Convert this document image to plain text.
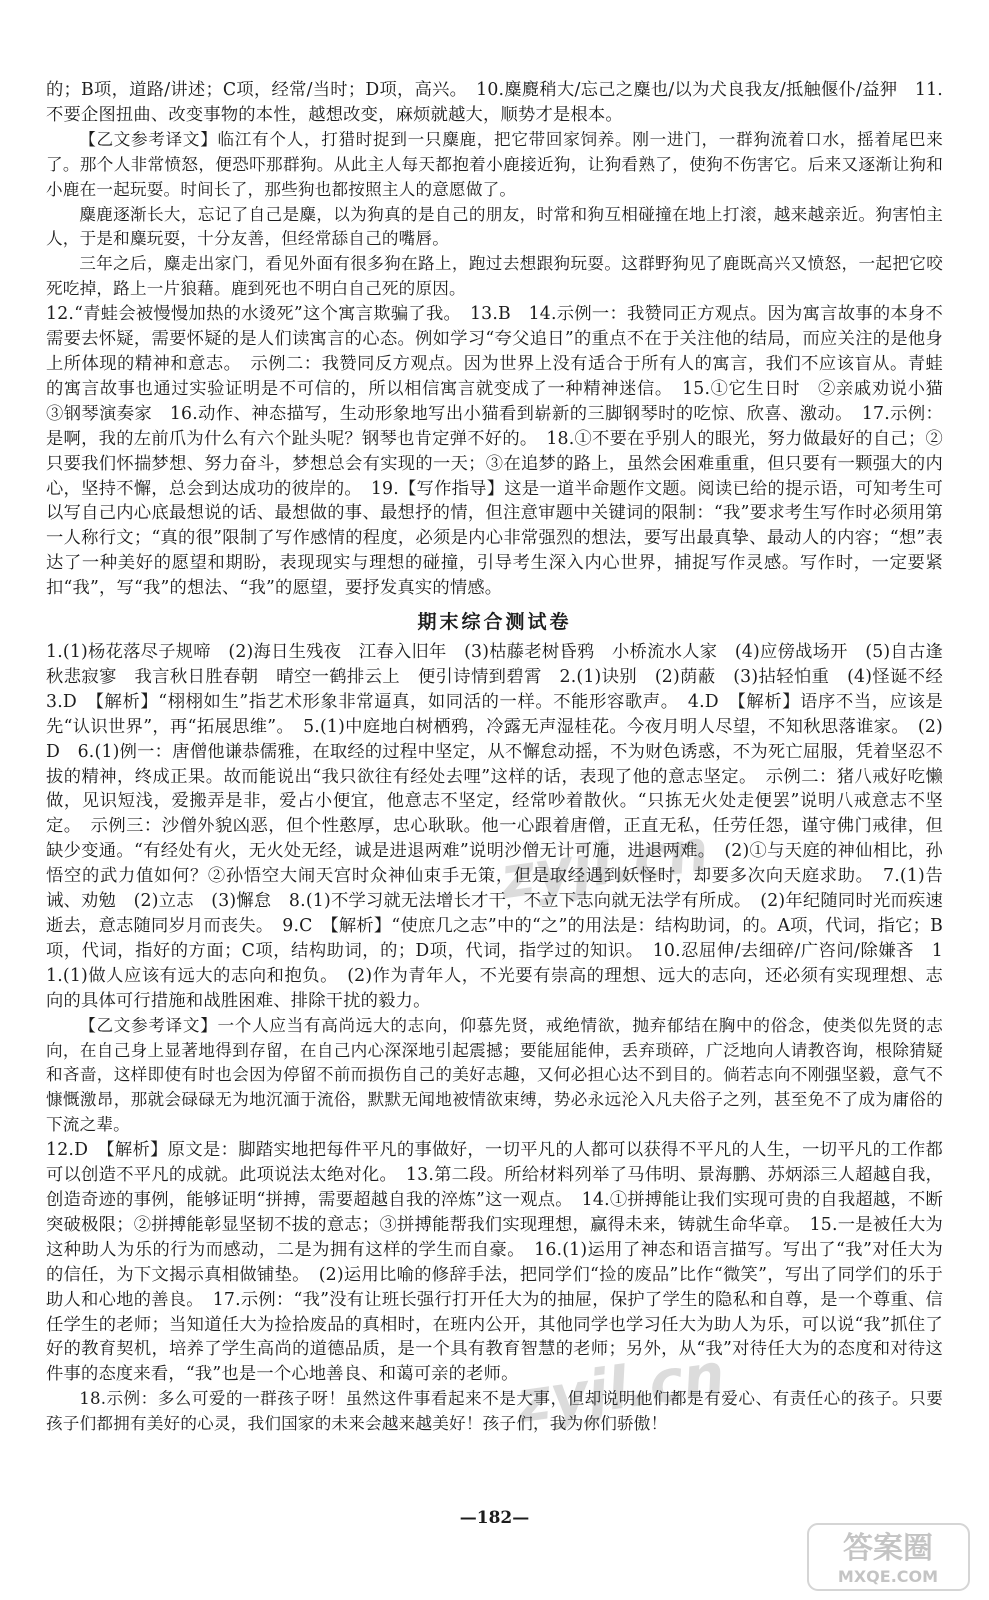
的；B项，道路/讲述；C项，经常/当时；D项，高兴。　10.麋麑稍大/忘己之麋也/以为犬良我友/抵触偃仆/益狎　11.不要企图扭曲、改变事物的本性，越想改变，麻烦就越大，顺势才是根本。

【乙文参考译文】临江有个人，打猎时捉到一只麋鹿，把它带回家饲养。刚一进门，一群狗流着口水，摇着尾巴来了。那个人非常愤怒，便恐吓那群狗。从此主人每天都抱着小鹿接近狗，让狗看熟了，使狗不伤害它。后来又逐渐让狗和小鹿在一起玩耍。时间长了，那些狗也都按照主人的意愿做了。

麋鹿逐渐长大，忘记了自己是麋，以为狗真的是自己的朋友，时常和狗互相碰撞在地上打滚，越来越亲近。狗害怕主人，于是和麋玩耍，十分友善，但经常舔自己的嘴唇。

三年之后，麋走出家门，看见外面有很多狗在路上，跑过去想跟狗玩耍。这群野狗见了鹿既高兴又愤怒，一起把它咬死吃掉，路上一片狼藉。鹿到死也不明白自己死的原因。

12.“青蛙会被慢慢加热的水烫死”这个寓言欺骗了我。　13.B　14.示例一：我赞同正方观点。因为寓言故事的本身不需要去怀疑，需要怀疑的是人们读寓言的心态。例如学习“夸父追日”的重点不在于关注他的结局，而应关注的是他身上所体现的精神和意志。　示例二：我赞同反方观点。因为世界上没有适合于所有人的寓言，我们不应该盲从。青蛙的寓言故事也通过实验证明是不可信的，所以相信寓言就变成了一种精神迷信。　15.①它生日时　②亲戚劝说小猫　③钢琴演奏家　16.动作、神态描写，生动形象地写出小猫看到崭新的三脚钢琴时的吃惊、欣喜、激动。　17.示例：是啊，我的左前爪为什么有六个趾头呢？钢琴也肯定弹不好的。　18.①不要在乎别人的眼光，努力做最好的自己；②只要我们怀揣梦想、努力奋斗，梦想总会有实现的一天；③在追梦的路上，虽然会困难重重，但只要有一颗强大的内心，坚持不懈，总会到达成功的彼岸的。　19.【写作指导】这是一道半命题作文题。阅读已给的提示语，可知考生可以写自己内心底最想说的话、最想做的事、最想抒的情，但注意审题中关键词的限制：“我”要求考生写作时必须用第一人称行文；“真的很”限制了写作感情的程度，必须是内心非常强烈的想法，要写出最真挚、最动人的内容；“想”表达了一种美好的愿望和期盼，表现现实与理想的碰撞，引导考生深入内心世界，捕捉写作灵感。写作时，一定要紧扣“我”，写“我”的想法、“我”的愿望，要抒发真实的情感。

期末综合测试卷

1.(1)杨花落尽子规啼　(2)海日生残夜　江春入旧年　(3)枯藤老树昏鸦　小桥流水人家　(4)应傍战场开　(5)自古逢秋悲寂寥　我言秋日胜春朝　晴空一鹤排云上　便引诗情到碧霄　2.(1)诀别　(2)荫蔽　(3)拈轻怕重　(4)怪诞不经　3.D　【解析】“栩栩如生”指艺术形象非常逼真，如同活的一样。不能形容歌声。　4.D　【解析】语序不当，应该是先“认识世界”，再“拓展思维”。　5.(1)中庭地白树栖鸦，冷露无声湿桂花。今夜月明人尽望，不知秋思落谁家。　(2)D　6.(1)例一：唐僧他谦恭儒雅，在取经的过程中坚定，从不懈怠动摇，不为财色诱惑，不为死亡屈服，凭着坚忍不拔的精神，终成正果。故而能说出“我只欲往有经处去哩”这样的话，表现了他的意志坚定。　示例二：猪八戒好吃懒做，见识短浅，爱搬弄是非，爱占小便宜，他意志不坚定，经常吵着散伙。“只拣无火处走便罢”说明八戒意志不坚定。　示例三：沙僧外貌凶恶，但个性憨厚，忠心耿耿。他一心跟着唐僧，正直无私，任劳任怨，谨守佛门戒律，但缺少变通。“有经处有火，无火处无经，诚是进退两难”说明沙僧无计可施，进退两难。　(2)①与天庭的神仙相比，孙悟空的武力值如何？②孙悟空大闹天宫时众神仙束手无策，但是取经遇到妖怪时，却要多次向天庭求助。　7.(1)告诫、劝勉　(2)立志　(3)懈怠　8.(1)不学习就无法增长才干，不立下志向就无法学有所成。　(2)年纪随同时光而疾速逝去，意志随同岁月而丧失。　9.C　【解析】“使庶几之志”中的“之”的用法是：结构助词，的。A项，代词，指它；B项，代词，指好的方面；C项，结构助词，的；D项，代词，指学过的知识。　10.忍屈伸/去细碎/广咨问/除嫌吝　11.(1)做人应该有远大的志向和抱负。　(2)作为青年人，不光要有崇高的理想、远大的志向，还必须有实现理想、志向的具体可行措施和战胜困难、排除干扰的毅力。

【乙文参考译文】一个人应当有高尚远大的志向，仰慕先贤，戒绝情欲，抛弃郁结在胸中的俗念，使类似先贤的志向，在自己身上显著地得到存留，在自己内心深深地引起震撼；要能屈能伸，丢弃琐碎，广泛地向人请教咨询，根除猜疑和吝啬，这样即使有时也会因为停留不前而损伤自己的美好志趣，又何必担心达不到目的。倘若志向不刚强坚毅，意气不慷慨激昂，那就会碌碌无为地沉湎于流俗，默默无闻地被情欲束缚，势必永远沦入凡夫俗子之列，甚至免不了成为庸俗的下流之辈。

12.D　【解析】原文是：脚踏实地把每件平凡的事做好，一切平凡的人都可以获得不平凡的人生，一切平凡的工作都可以创造不平凡的成就。此项说法太绝对化。　13.第二段。所给材料列举了马伟明、景海鹏、苏炳添三人超越自我，创造奇迹的事例，能够证明“拼搏，需要超越自我的淬炼”这一观点。　14.①拼搏能让我们实现可贵的自我超越，不断突破极限；②拼搏能彰显坚韧不拔的意志；③拼搏能帮我们实现理想，赢得未来，铸就生命华章。　15.一是被任大为这种助人为乐的行为而感动，二是为拥有这样的学生而自豪。　16.(1)运用了神态和语言描写。写出了“我”对任大为的信任，为下文揭示真相做铺垫。　(2)运用比喻的修辞手法，把同学们“捡的废品”比作“微笑”，写出了同学们的乐于助人和心地的善良。　17.示例：“我”没有让班长强行打开任大为的抽屉，保护了学生的隐私和自尊，是一个尊重、信任学生的老师；当知道任大为捡拾废品的真相时，在班内公开，其他同学也学习任大为助人为乐，可以说“我”抓住了好的教育契机，培养了学生高尚的道德品质，是一个具有教育智慧的老师；另外，从“我”对待任大为的态度和对待这件事的态度来看，“我”也是一个心地善良、和蔼可亲的老师。

18.示例：多么可爱的一群孩子呀！虽然这件事看起来不是大事，但却说明他们都是有爱心、有责任心的孩子。只要孩子们都拥有美好的心灵，我们国家的未来会越来越美好！孩子们，我为你们骄傲！

zyjl.cn
zyjl.cn
—182—
答案圈
MXQE.COM
